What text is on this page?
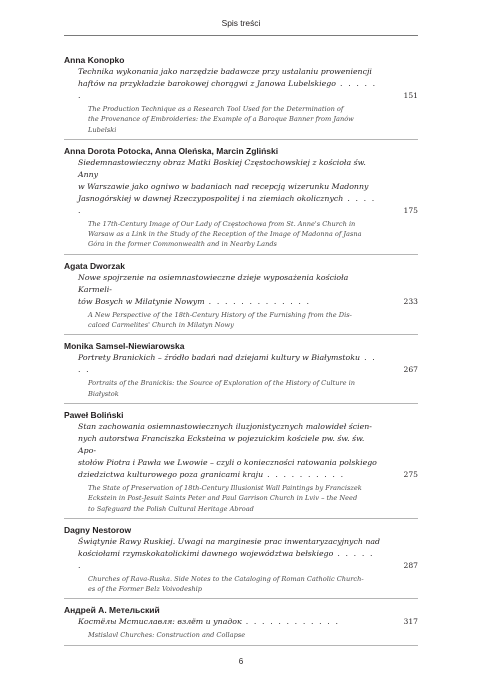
Spis treści
Anna Konopko
Technika wykonania jako narzędzie badawcze przy ustalaniu proweniencji
haftów na przykładzie barokowej chorągwi z Janowa Lubelskiego . . . . . .	151
The Production Technique as a Research Tool Used for the Determination of
the Provenance of Embroideries: the Example of a Baroque Banner from Janów
Lubelski
Anna Dorota Potocka, Anna Oleńska, Marcin Zgliński
Siedemnastowieczny obraz Matki Boskiej Częstochowskiej z kościoła św. Anny
w Warszawie jako ogniwo w badaniach nad recepcją wizerunku Madonny
Jasnogórskiej w dawnej Rzeczypospolitej i na ziemiach okolicznych . . . . .	175
The 17th-Century Image of Our Lady of Częstochowa from St. Anne's Church in
Warsaw as a Link in the Study of the Reception of the Image of Madonna of Jasna
Góra in the former Commonwealth and in Nearby Lands
Agata Dworzak
Nowe spojrzenie na osiemnastowieczne dzieje wyposażenia kościoła Karmeli-
tów Bosych w Milatynie Nowym . . . . . . . . . . . . .	233
A New Perspective of the 18th-Century History of the Furnishing from the Dis-
calced Carmelites' Church in Milatyn Nowy
Monika Samsel-Niewiarowska
Portrety Branickich – źródło badań nad dziejami kultury w Białymstoku . . . .	267
Portraits of the Branickis: the Source of Exploration of the History of Culture in
Białystok
Paweł Boliński
Stan zachowania osiemnastowiecznych iluzjonistycznych malowideł ścien-
nych autorstwa Franciszka Ecksteina w pojezuickim kościele pw. św. św. Apo-
stołów Piotra i Pawła we Lwowie – czyli o konieczności ratowania polskiego
dziedzictwa kulturowego poza granicami kraju . . . . . . . . . .	275
The State of Preservation of 18th-Century Illusionist Wall Paintings by Franciszek
Eckstein in Post-Jesuit Saints Peter and Paul Garrison Church in Lviv – the Need
to Safeguard the Polish Cultural Heritage Abroad
Dagny Nestorow
Świątynie Rawy Ruskiej. Uwagi na marginesie prac inwentaryzacyjnych nad
kościołami rzymskokatolickimi dawnego województwa bełskiego . . . . . .	287
Churches of Rava-Ruska. Side Notes to the Cataloging of Roman Catholic Church-
es of the Former Belz Voivodeship
Андрей А. Метельский
Костёлы Мстиславля: взлёт и упадок . . . . . . . . . . . .	317
Mstislavl Churches: Construction and Collapse
6
